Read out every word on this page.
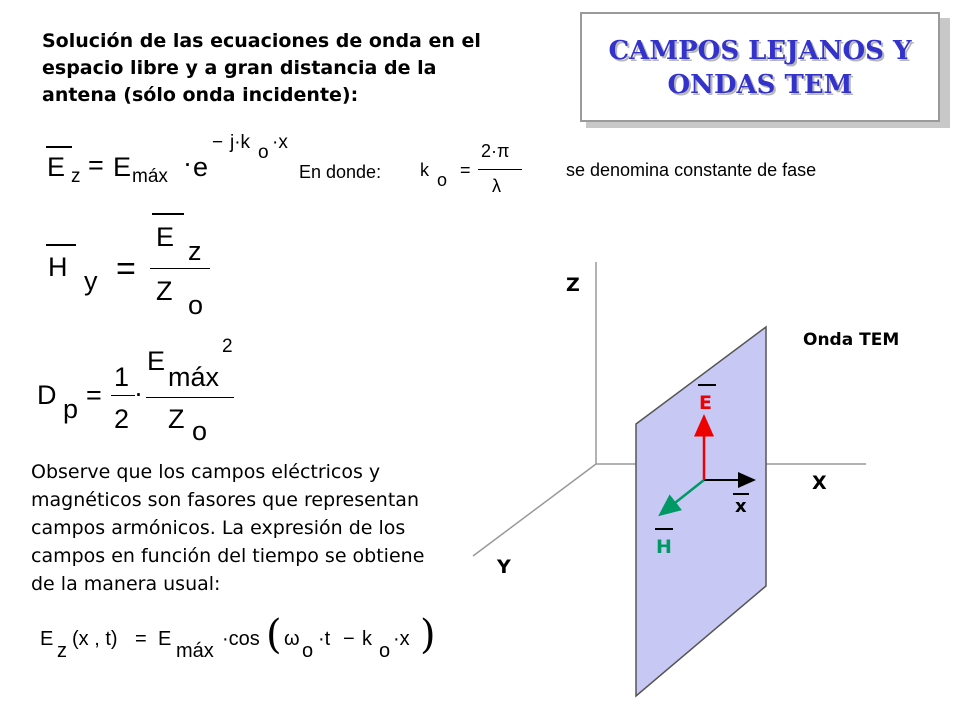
Solución de las ecuaciones de onda en el
espacio libre y a gran distancia de la
antena (sólo onda incidente):
CAMPOS LEJANOS Y
ONDAS TEM
E z = E máx · e
− j·k o ·x
En donde: k o =
2·π
λ
se denomina constante de fase
H y =
E z
Z o
D p =
1
2
·
E
máx
2
Z o
Observe que los campos eléctricos y
magnéticos son fasores que representan
campos armónicos. La expresión de los
campos en función del tiempo se obtiene
de la manera usual:
E
z
(x , t) = E
máx
·cos ( ω
o
·t − k
o
·x )
Z
X
Y
Onda TEM
E
H
x
